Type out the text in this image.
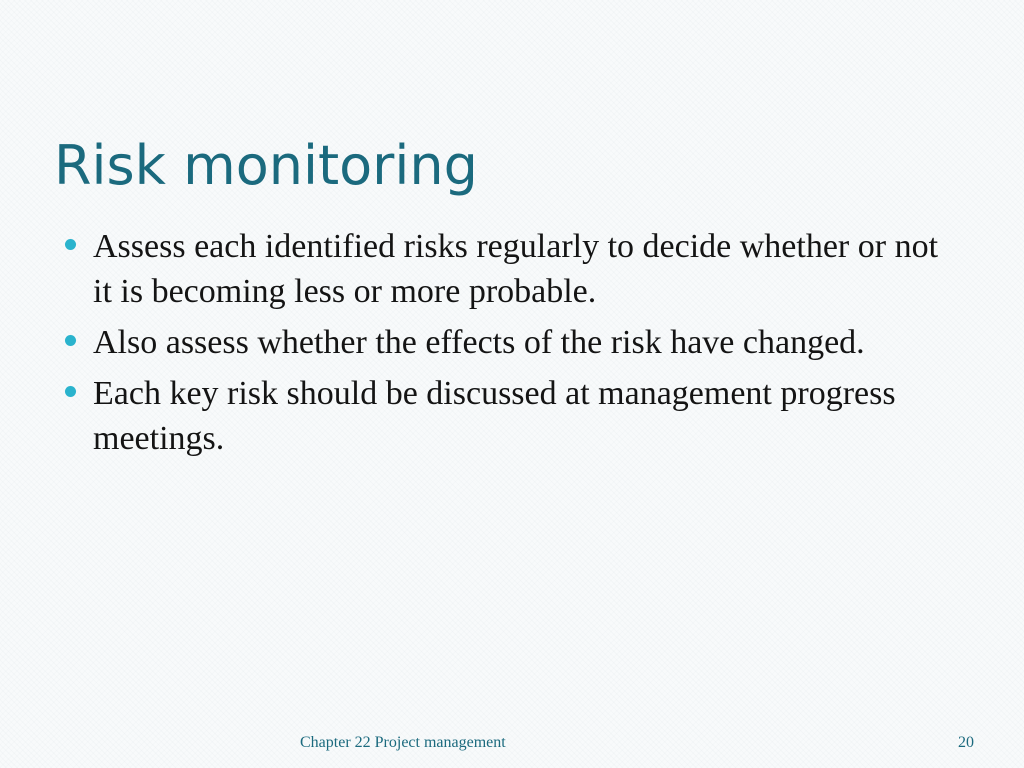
Risk monitoring
Assess each identified risks regularly to decide whether or not it is becoming less or more probable.
Also assess whether the effects of the risk have changed.
Each key risk should be discussed at management progress meetings.
Chapter 22 Project management	20
